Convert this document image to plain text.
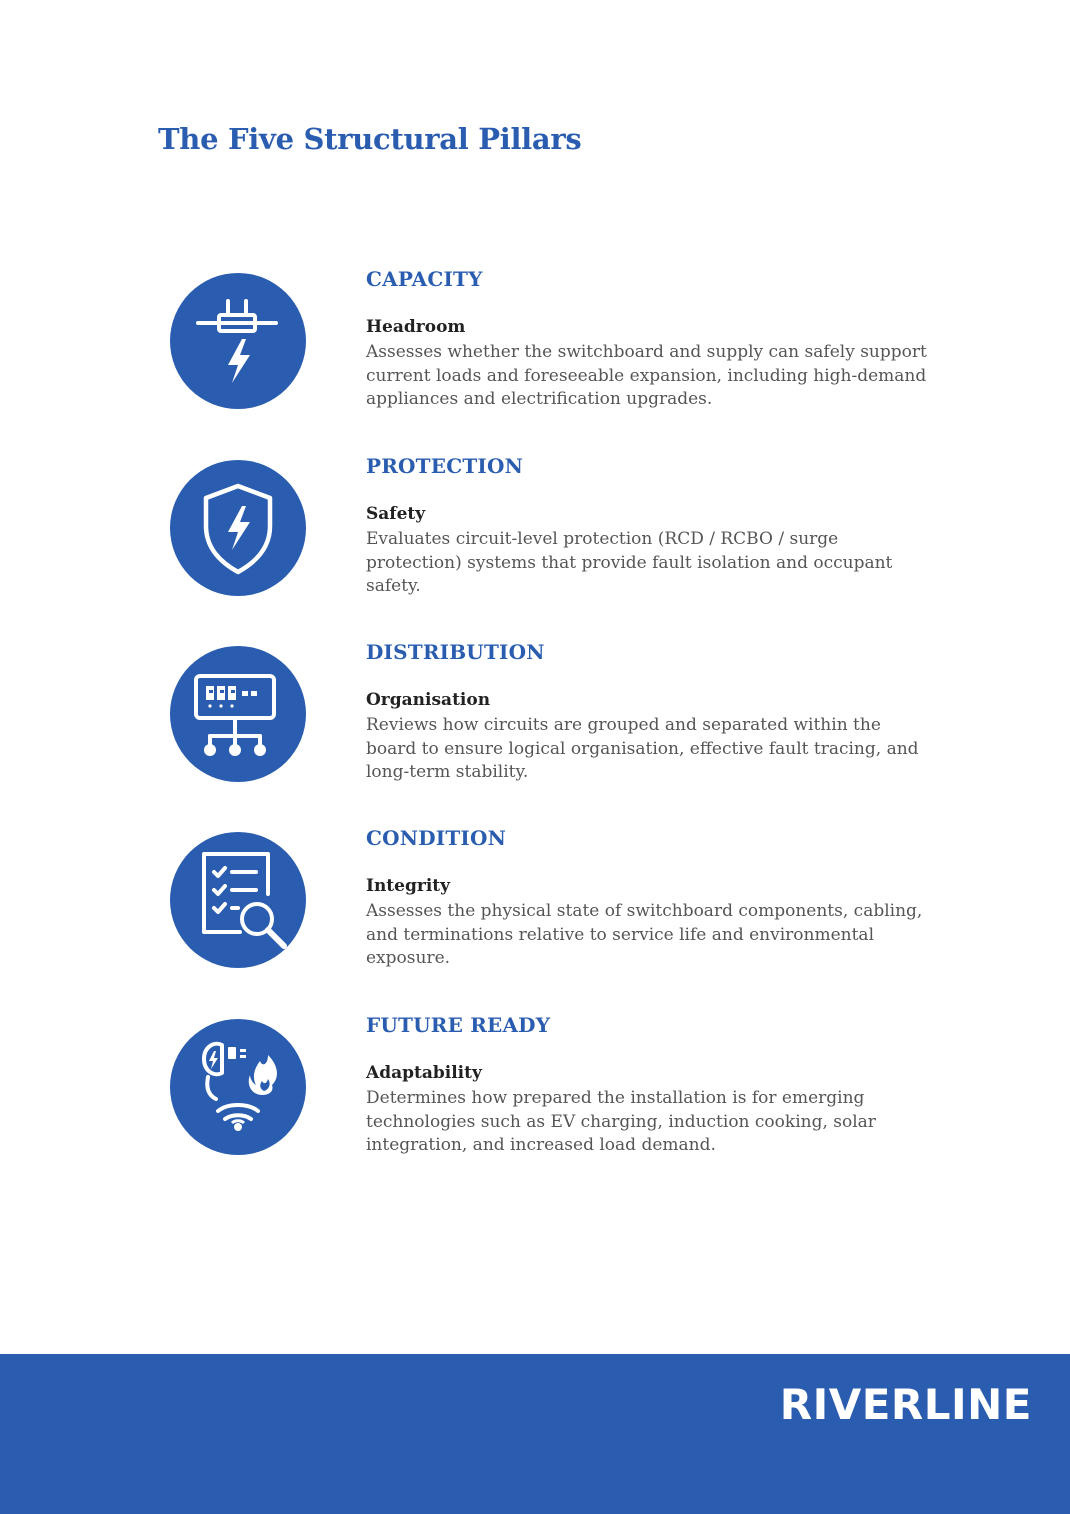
The Five Structural Pillars
CAPACITY

Headroom

Assesses whether the switchboard and supply can safely support current loads and foreseeable expansion, including high-demand appliances and electrification upgrades.

PROTECTION

Safety

Evaluates circuit-level protection (RCD / RCBO / surge protection) systems that provide fault isolation and occupant safety.

DISTRIBUTION

Organisation

Reviews how circuits are grouped and separated within the board to ensure logical organisation, effective fault tracing, and long-term stability.

CONDITION

Integrity

Assesses the physical state of switchboard components, cabling, and terminations relative to service life and environmental exposure.

FUTURE READY

Adaptability

Determines how prepared the installation is for emerging technologies such as EV charging, induction cooking, solar integration, and increased load demand.

RIVERLINE
